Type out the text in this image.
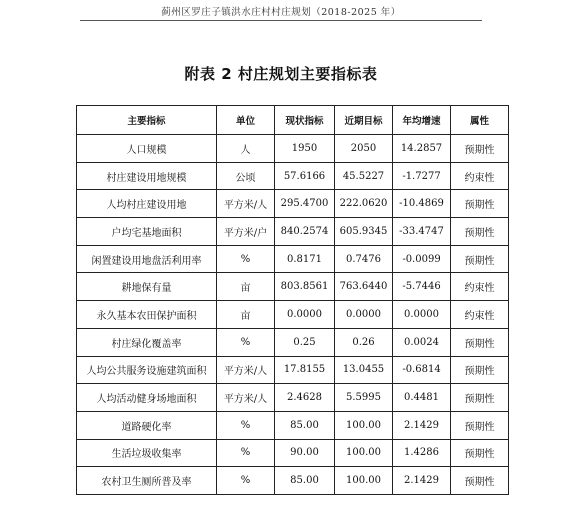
蓟州区罗庄子镇洪水庄村村庄规划（2018-2025 年）
附表 2 村庄规划主要指标表
主要指标	单位	现状指标	近期目标	年均增速	属性
人口规模	人	1950	2050	14.2857	预期性
村庄建设用地规模	公顷	57.6166	45.5227	-1.7277	约束性
人均村庄建设用地	平方米/人	295.4700	222.0620	-10.4869	预期性
户均宅基地面积	平方米/户	840.2574	605.9345	-33.4747	预期性
闲置建设用地盘活利用率	%	0.8171	0.7476	-0.0099	预期性
耕地保有量	亩	803.8561	763.6440	-5.7446	约束性
永久基本农田保护面积	亩	0.0000	0.0000	0.0000	约束性
村庄绿化覆盖率	%	0.25	0.26	0.0024	预期性
人均公共服务设施建筑面积	平方米/人	17.8155	13.0455	-0.6814	预期性
人均活动健身场地面积	平方米/人	2.4628	5.5995	0.4481	预期性
道路硬化率	%	85.00	100.00	2.1429	预期性
生活垃圾收集率	%	90.00	100.00	1.4286	预期性
农村卫生厕所普及率	%	85.00	100.00	2.1429	预期性
